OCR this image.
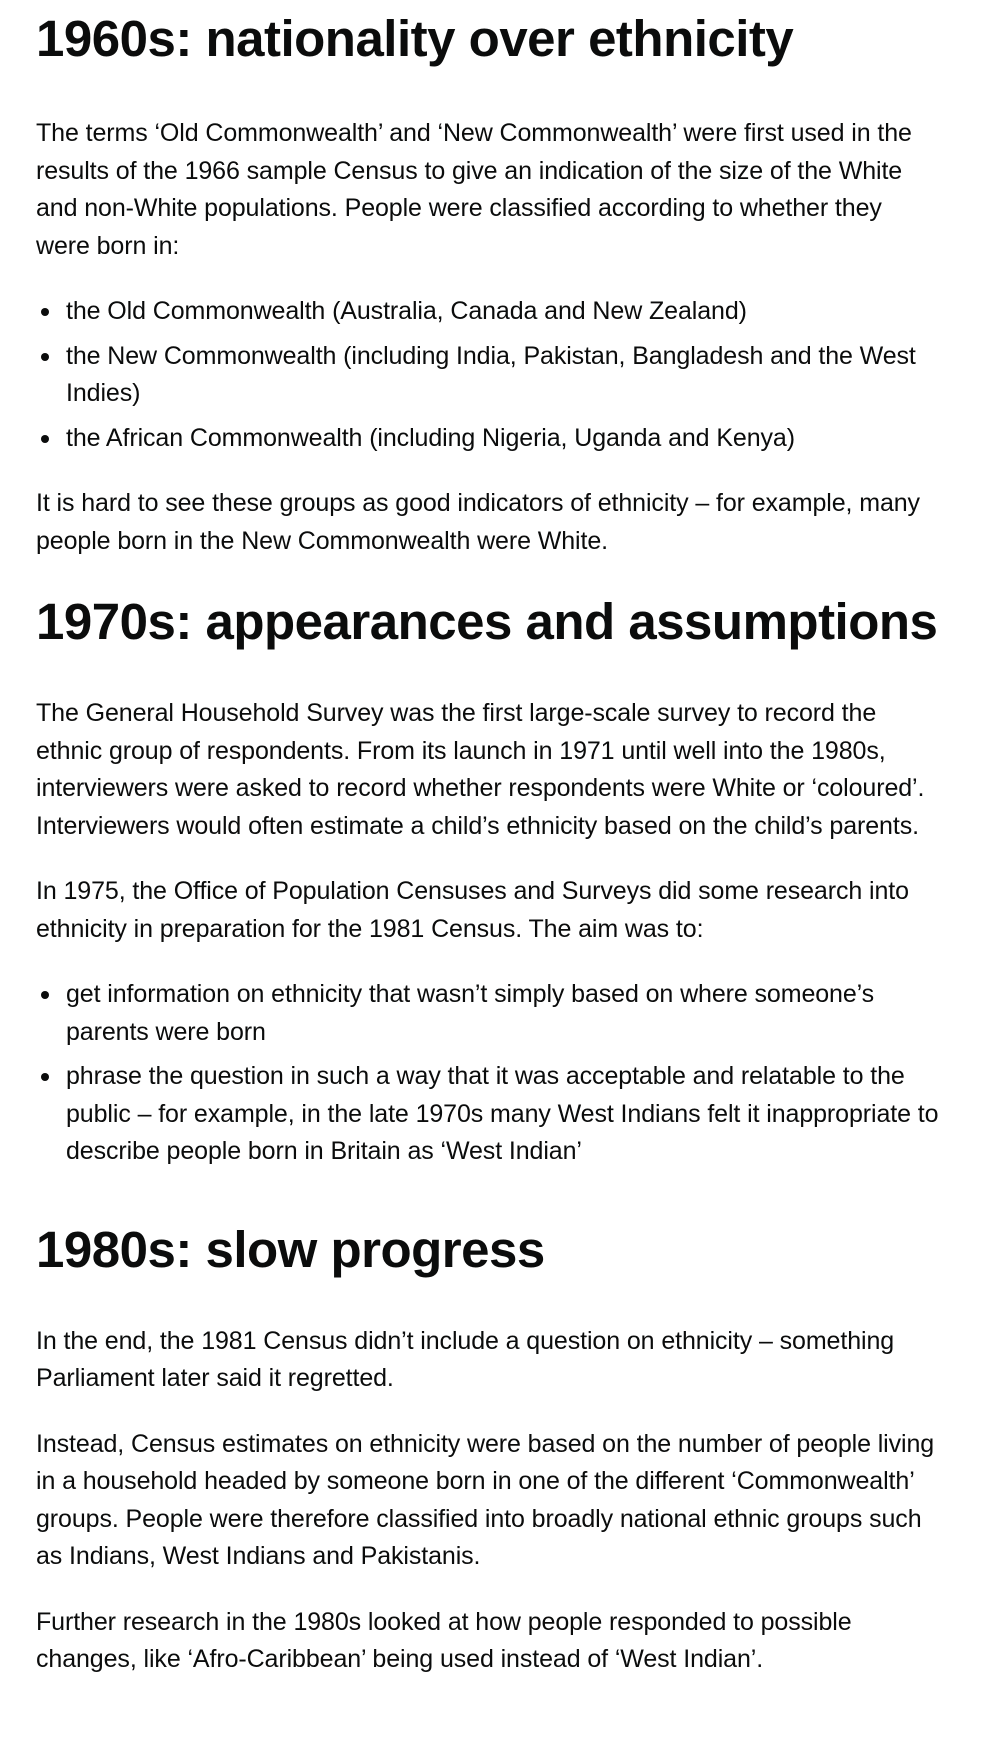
1960s: nationality over ethnicity

The terms ‘Old Commonwealth’ and ‘New Commonwealth’ were first used in the results of the 1966 sample Census to give an indication of the size of the White and non-White populations. People were classified according to whether they were born in:

the Old Commonwealth (Australia, Canada and New Zealand)
the New Commonwealth (including India, Pakistan, Bangladesh and the West Indies)
the African Commonwealth (including Nigeria, Uganda and Kenya)

It is hard to see these groups as good indicators of ethnicity – for example, many people born in the New Commonwealth were White.

1970s: appearances and assumptions

The General Household Survey was the first large-scale survey to record the ethnic group of respondents. From its launch in 1971 until well into the 1980s, interviewers were asked to record whether respondents were White or ‘coloured’. Interviewers would often estimate a child’s ethnicity based on the child’s parents.

In 1975, the Office of Population Censuses and Surveys did some research into ethnicity in preparation for the 1981 Census. The aim was to:

get information on ethnicity that wasn’t simply based on where someone’s parents were born
phrase the question in such a way that it was acceptable and relatable to the public – for example, in the late 1970s many West Indians felt it inappropriate to describe people born in Britain as ‘West Indian’
1980s: slow progress

In the end, the 1981 Census didn’t include a question on ethnicity – something Parliament later said it regretted.

Instead, Census estimates on ethnicity were based on the number of people living in a household headed by someone born in one of the different ‘Commonwealth’ groups. People were therefore classified into broadly national ethnic groups such as Indians, West Indians and Pakistanis.

Further research in the 1980s looked at how people responded to possible changes, like ‘Afro-Caribbean’ being used instead of ‘West Indian’.
